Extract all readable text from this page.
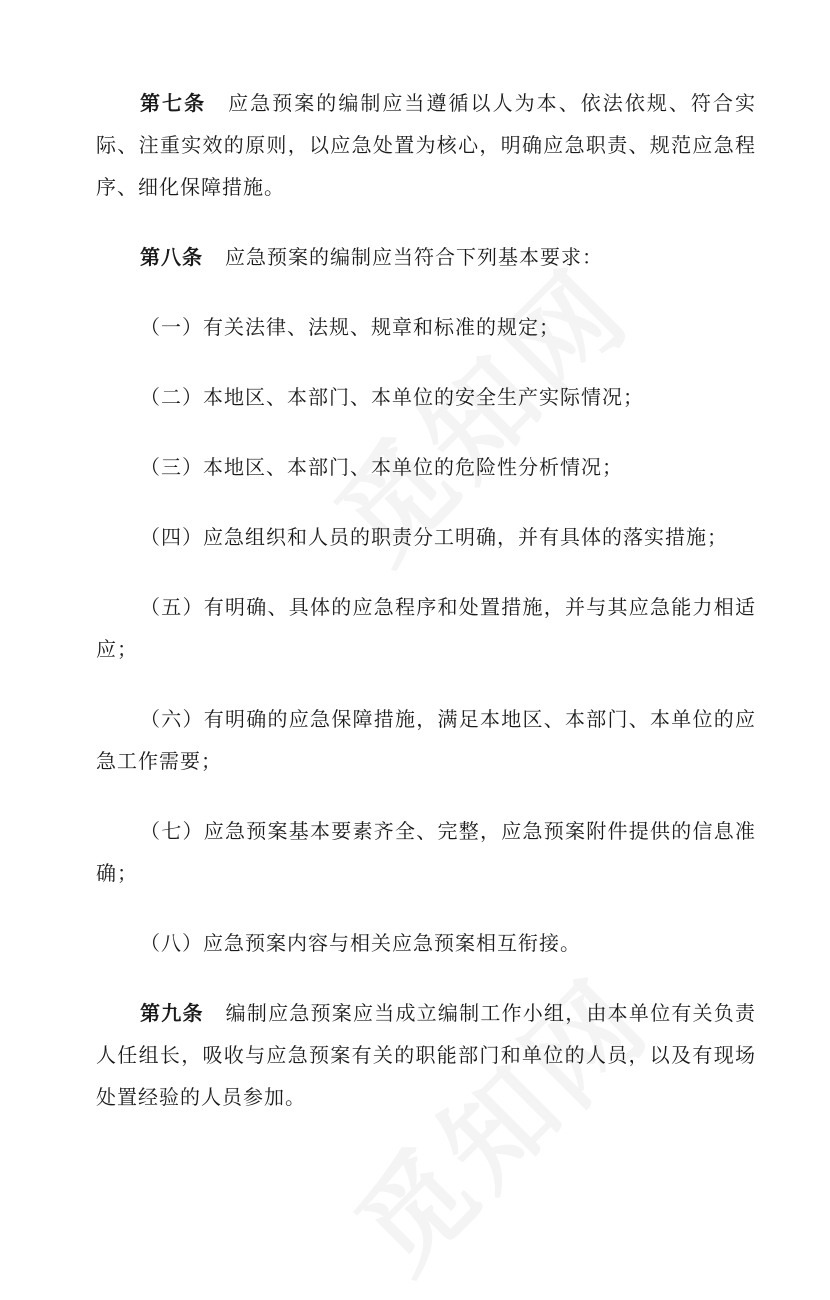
第七条 应急预案的编制应当遵循以人为本、依法依规、符合实际、注重实效的原则，以应急处置为核心，明确应急职责、规范应急程序、细化保障措施。

第八条 应急预案的编制应当符合下列基本要求：

（一）有关法律、法规、规章和标准的规定；

（二）本地区、本部门、本单位的安全生产实际情况；

（三）本地区、本部门、本单位的危险性分析情况；

（四）应急组织和人员的职责分工明确，并有具体的落实措施；

（五）有明确、具体的应急程序和处置措施，并与其应急能力相适应；

（六）有明确的应急保障措施，满足本地区、本部门、本单位的应急工作需要；

（七）应急预案基本要素齐全、完整，应急预案附件提供的信息准确；

（八）应急预案内容与相关应急预案相互衔接。

第九条 编制应急预案应当成立编制工作小组，由本单位有关负责人任组长，吸收与应急预案有关的职能部门和单位的人员，以及有现场处置经验的人员参加。
